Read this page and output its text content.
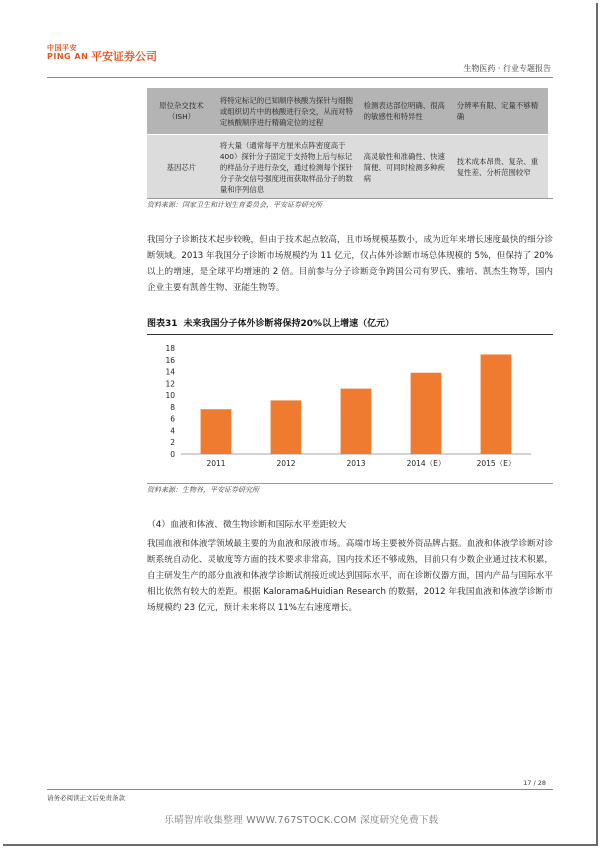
中国平安
PING AN 平安证券公司
生物医药 · 行业专题报告
原位杂交技术（ISH）	将特定标记的已知顺序核酸为探针与细胞或组织切片中的核酸进行杂交，从而对特定核酸顺序进行精确定位的过程	检测表达部位明确、很高的敏感性和特异性	分辨率有限、定量不够精确
基因芯片	将大量（通常每平方厘米点阵密度高于400）探针分子固定于支持物上后与标记的样品分子进行杂交，通过检测每个探针分子杂交信号强度进而获取样品分子的数量和序列信息	高灵敏性和准确性、快速简便、可同时检测多种疾病	技术成本昂贵、复杂、重复性差、分析范围较窄
资料来源：国家卫生和计划生育委员会，平安证券研究所
我国分子诊断技术起步较晚，但由于技术起点较高，且市场规模基数小，成为近年来增长速度最快的细分诊断领域。2013 年我国分子诊断市场规模约为 11 亿元，仅占体外诊断市场总体规模的 5%，但保持了 20%以上的增速，是全球平均增速的 2 倍。目前参与分子诊断竞争跨国公司有罗氏、雅培、凯杰生物等，国内企业主要有凯普生物、亚能生物等。
图表31 未来我国分子体外诊断将保持20%以上增速（亿元）
0
2
4
6
8
10
12
14
16
18
2011	2012	2013	2014（E）	2015（E）
资料来源：生物谷，平安证券研究所
（4）血液和体液、微生物诊断和国际水平差距较大
我国血液和体液学领域最主要的为血液和尿液市场。高端市场主要被外资品牌占据。血液和体液学诊断对诊断系统自动化、灵敏度等方面的技术要求非常高，国内技术还不够成熟，目前只有少数企业通过技术积累，自主研发生产的部分血液和体液学诊断试剂接近或达到国际水平，而在诊断仪器方面，国内产品与国际水平相比依然有较大的差距。根据 Kalorama&Huidian Research 的数据，2012 年我国血液和体液学诊断市场规模约 23 亿元，预计未来将以 11%左右速度增长。
17 / 28
请务必阅读正文后免责条款
乐晴智库收集整理 WWW.767STOCK.COM 深度研究免费下载
